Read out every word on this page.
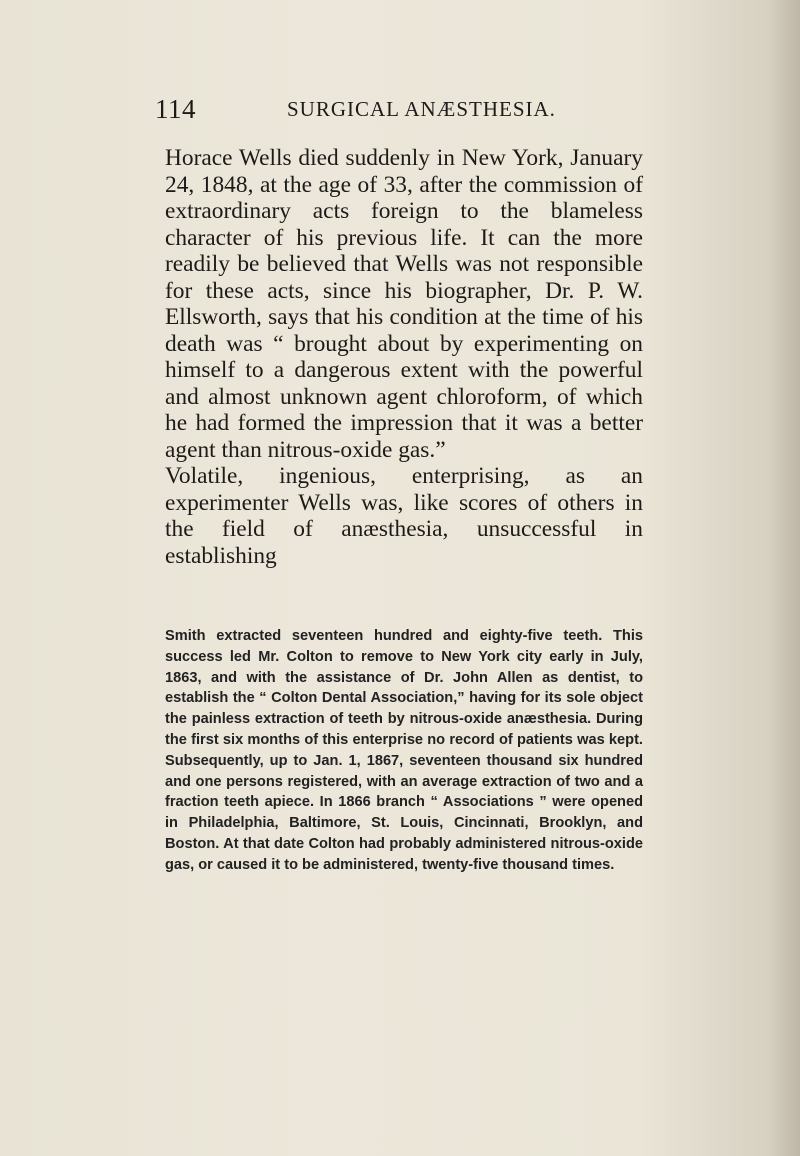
114	SURGICAL ANÆSTHESIA.

Horace Wells died suddenly in New York, January 24, 1848, at the age of 33, after the commission of extraordinary acts foreign to the blameless character of his previous life. It can the more readily be believed that Wells was not responsible for these acts, since his biographer, Dr. P. W. Ellsworth, says that his condition at the time of his death was “ brought about by experimenting on himself to a dangerous extent with the powerful and almost unknown agent chloroform, of which he had formed the impression that it was a better agent than nitrous-oxide gas.”

Volatile, ingenious, enterprising, as an experimenter Wells was, like scores of others in the field of anæsthesia, unsuccessful in establishing

Smith extracted seventeen hundred and eighty-five teeth. This success led Mr. Colton to remove to New York city early in July, 1863, and with the assistance of Dr. John Allen as dentist, to establish the “ Colton Dental Association,” having for its sole object the painless extraction of teeth by nitrous-oxide anæsthesia. During the first six months of this enterprise no record of patients was kept. Subsequently, up to Jan. 1, 1867, seventeen thousand six hundred and one persons registered, with an average extraction of two and a fraction teeth apiece. In 1866 branch “ Associations ” were opened in Philadelphia, Baltimore, St. Louis, Cincinnati, Brooklyn, and Boston. At that date Colton had probably administered nitrous-oxide gas, or caused it to be administered, twenty-five thousand times.
